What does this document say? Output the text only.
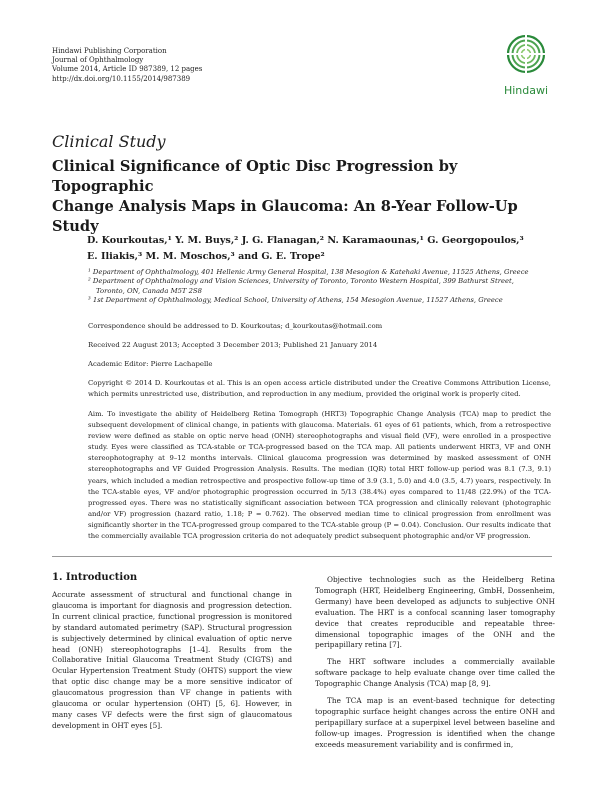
Hindawi Publishing Corporation
Journal of Ophthalmology
Volume 2014, Article ID 987389, 12 pages
http://dx.doi.org/10.1155/2014/987389
Hindawi
Clinical Study
Clinical Significance of Optic Disc Progression by Topographic
Change Analysis Maps in Glaucoma: An 8-Year Follow-Up Study
D. Kourkoutas,¹ Y. M. Buys,² J. G. Flanagan,² N. Karamaounas,¹ G. Georgopoulos,³
E. Iliakis,³ M. M. Moschos,³ and G. E. Trope²

¹ Department of Ophthalmology, 401 Hellenic Army General Hospital, 138 Mesogion & Katehaki Avenue, 11525 Athens, Greece

² Department of Ophthalmology and Vision Sciences, University of Toronto, Toronto Western Hospital, 399 Bathurst Street,

Toronto, ON, Canada M5T 2S8

³ 1st Department of Ophthalmology, Medical School, University of Athens, 154 Mesogion Avenue, 11527 Athens, Greece

Correspondence should be addressed to D. Kourkoutas; d_kourkoutas@hotmail.com
Received 22 August 2013; Accepted 3 December 2013; Published 21 January 2014
Academic Editor: Pierre Lachapelle
Copyright © 2014 D. Kourkoutas et al. This is an open access article distributed under the Creative Commons Attribution License, which permits unrestricted use, distribution, and reproduction in any medium, provided the original work is properly cited.
Aim. To investigate the ability of Heidelberg Retina Tomograph (HRT3) Topographic Change Analysis (TCA) map to predict the subsequent development of clinical change, in patients with glaucoma. Materials. 61 eyes of 61 patients, which, from a retrospective review were defined as stable on optic nerve head (ONH) stereophotographs and visual field (VF), were enrolled in a prospective study. Eyes were classified as TCA-stable or TCA-progressed based on the TCA map. All patients underwent HRT3, VF and ONH stereophotography at 9–12 months intervals. Clinical glaucoma progression was determined by masked assessment of ONH stereophotographs and VF Guided Progression Analysis. Results. The median (IQR) total HRT follow-up period was 8.1 (7.3, 9.1) years, which included a median retrospective and prospective follow-up time of 3.9 (3.1, 5.0) and 4.0 (3.5, 4.7) years, respectively. In the TCA-stable eyes, VF and/or photographic progression occurred in 5/13 (38.4%) eyes compared to 11/48 (22.9%) of the TCA-progressed eyes. There was no statistically significant association between TCA progression and clinically relevant (photographic and/or VF) progression (hazard ratio, 1.18; P = 0.762). The observed median time to clinical progression from enrollment was significantly shorter in the TCA-progressed group compared to the TCA-stable group (P = 0.04). Conclusion. Our results indicate that the commercially available TCA progression criteria do not adequately predict subsequent photographic and/or VF progression.
1. Introduction

Accurate assessment of structural and functional change in glaucoma is important for diagnosis and progression detection. In current clinical practice, functional progression is monitored by standard automated perimetry (SAP). Structural progression is subjectively determined by clinical evaluation of optic nerve head (ONH) stereophotographs [1–4]. Results from the Collaborative Initial Glaucoma Treatment Study (CIGTS) and Ocular Hypertension Treatment Study (OHTS) support the view that optic disc change may be a more sensitive indicator of glaucomatous progression than VF change in patients with glaucoma or ocular hypertension (OHT) [5, 6]. However, in many cases VF defects were the first sign of glaucomatous development in OHT eyes [5].

Objective technologies such as the Heidelberg Retina Tomograph (HRT, Heidelberg Engineering, GmbH, Dossenheim, Germany) have been developed as adjuncts to subjective ONH evaluation. The HRT is a confocal scanning laser tomography device that creates reproducible and repeatable three-dimensional topographic images of the ONH and the peripapillary retina [7].

The HRT software includes a commercially available software package to help evaluate change over time called the Topographic Change Analysis (TCA) map [8, 9].

The TCA map is an event-based technique for detecting topographic surface height changes across the entire ONH and peripapillary surface at a superpixel level between baseline and follow-up images. Progression is identified when the change exceeds measurement variability and is confirmed in,
